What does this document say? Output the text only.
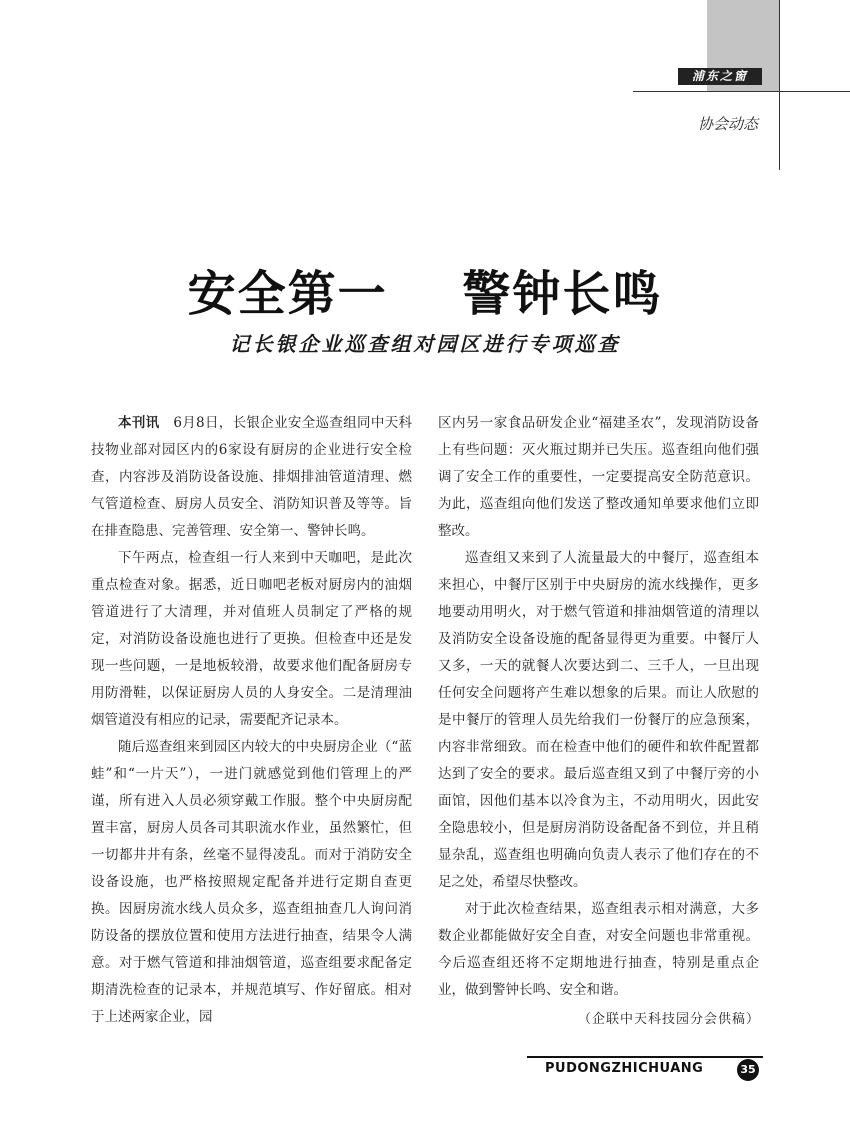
浦东之窗
协会动态
安全第一    警钟长鸣
记长银企业巡查组对园区进行专项巡查

本刊讯　 6月8日，长银企业安全巡查组同中天科技物业部对园区内的6家设有厨房的企业进行安全检查，内容涉及消防设备设施、排烟排油管道清理、燃气管道检查、厨房人员安全、消防知识普及等等。旨在排查隐患、完善管理、安全第一、警钟长鸣。

下午两点，检查组一行人来到中天咖吧，是此次重点检查对象。据悉，近日咖吧老板对厨房内的油烟管道进行了大清理，并对值班人员制定了严格的规定，对消防设备设施也进行了更换。但检查中还是发现一些问题，一是地板较滑，故要求他们配备厨房专用防滑鞋，以保证厨房人员的人身安全。二是清理油烟管道没有相应的记录，需要配齐记录本。

随后巡查组来到园区内较大的中央厨房企业（“蓝蛙”和“一片天”），一进门就感觉到他们管理上的严谨，所有进入人员必须穿戴工作服。整个中央厨房配置丰富，厨房人员各司其职流水作业，虽然繁忙，但一切都井井有条，丝毫不显得凌乱。而对于消防安全设备设施，也严格按照规定配备并进行定期自查更换。因厨房流水线人员众多，巡查组抽查几人询问消防设备的摆放位置和使用方法进行抽查，结果令人满意。对于燃气管道和排油烟管道，巡查组要求配备定期清洗检查的记录本，并规范填写、作好留底。相对于上述两家企业，园

区内另一家食品研发企业“福建圣农”，发现消防设备上有些问题：灭火瓶过期并已失压。巡查组向他们强调了安全工作的重要性，一定要提高安全防范意识。为此，巡查组向他们发送了整改通知单要求他们立即整改。

巡查组又来到了人流量最大的中餐厅，巡查组本来担心，中餐厅区别于中央厨房的流水线操作，更多地要动用明火，对于燃气管道和排油烟管道的清理以及消防安全设备设施的配备显得更为重要。中餐厅人又多，一天的就餐人次要达到二、三千人，一旦出现任何安全问题将产生难以想象的后果。而让人欣慰的是中餐厅的管理人员先给我们一份餐厅的应急预案，内容非常细致。而在检查中他们的硬件和软件配置都达到了安全的要求。最后巡查组又到了中餐厅旁的小面馆，因他们基本以冷食为主，不动用明火，因此安全隐患较小，但是厨房消防设备配备不到位，并且稍显杂乱，巡查组也明确向负责人表示了他们存在的不足之处，希望尽快整改。

对于此次检查结果，巡查组表示相对满意，大多数企业都能做好安全自查，对安全问题也非常重视。今后巡查组还将不定期地进行抽查，特别是重点企业，做到警钟长鸣、安全和谐。

（企联中天科技园分会供稿）
PUDONGZHICHUANG	35
